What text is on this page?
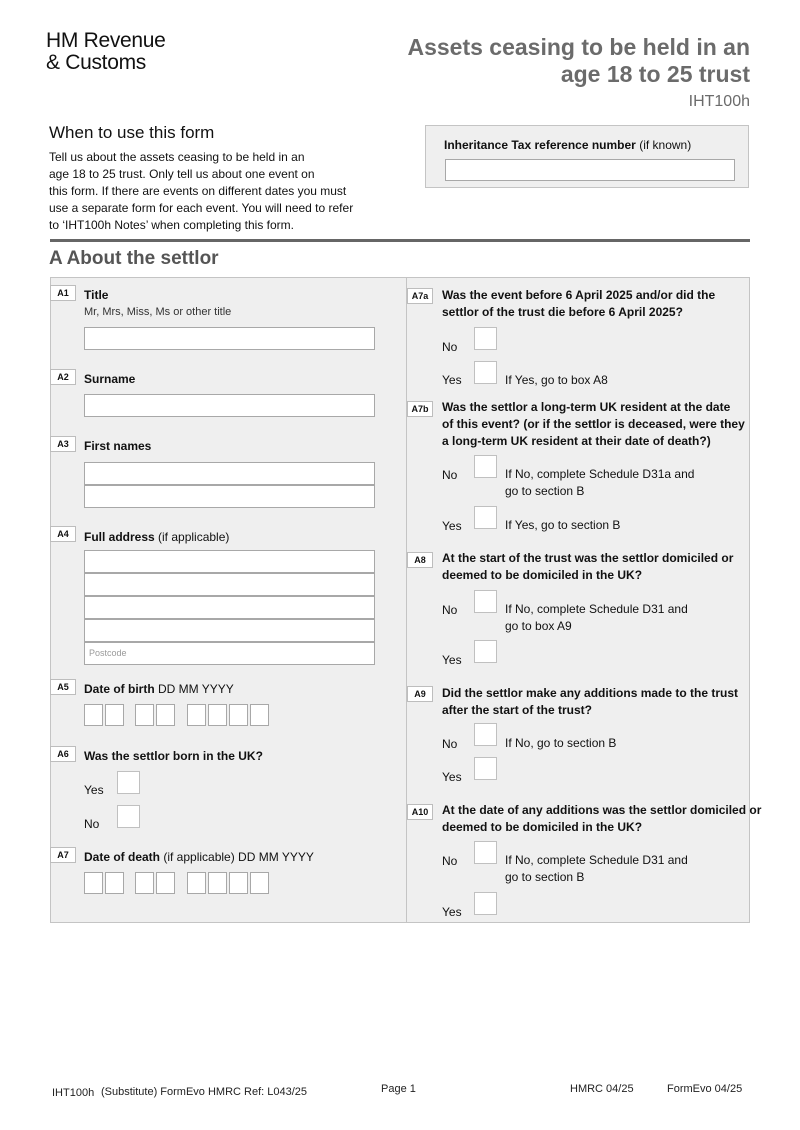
HM Revenue
& Customs
Assets ceasing to be held in an
age 18 to 25 trust
IHT100h
When to use this form
Tell us about the assets ceasing to be held in an
age 18 to 25 trust. Only tell us about one event on
this form. If there are events on different dates you must
use a separate form for each event. You will need to refer
to ‘IHT100h Notes’ when completing this form.
Inheritance Tax reference number (if known)
A About the settlor
A1	Title
Mr, Mrs, Miss, Ms or other title
A2	Surname
A3	First names
A4	Full address (if applicable)
Postcode
A5	Date of birth DD MM YYYY
A6	Was the settlor born in the UK?
Yes
No
A7	Date of death (if applicable) DD MM YYYY
A7a	Was the event before 6 April 2025 and/or did the
settlor of the trust die before 6 April 2025?
No
Yes	If Yes, go to box A8
A7b	Was the settlor a long-term UK resident at the date
of this event? (or if the settlor is deceased, were they
a long-term UK resident at their date of death?)
No	If No, complete Schedule D31a and
go to section B
Yes	If Yes, go to section B
A8	At the start of the trust was the settlor domiciled or
deemed to be domiciled in the UK?
No	If No, complete Schedule D31 and
go to box A9
Yes
A9	Did the settlor make any additions made to the trust
after the start of the trust?
No	If No, go to section B
Yes
A10	At the date of any additions was the settlor domiciled or
deemed to be domiciled in the UK?
No	If No, complete Schedule D31 and
go to section B
Yes
IHT100h (Substitute) FormEvo HMRC Ref: L043/25	Page 1	HMRC 04/25	FormEvo 04/25
